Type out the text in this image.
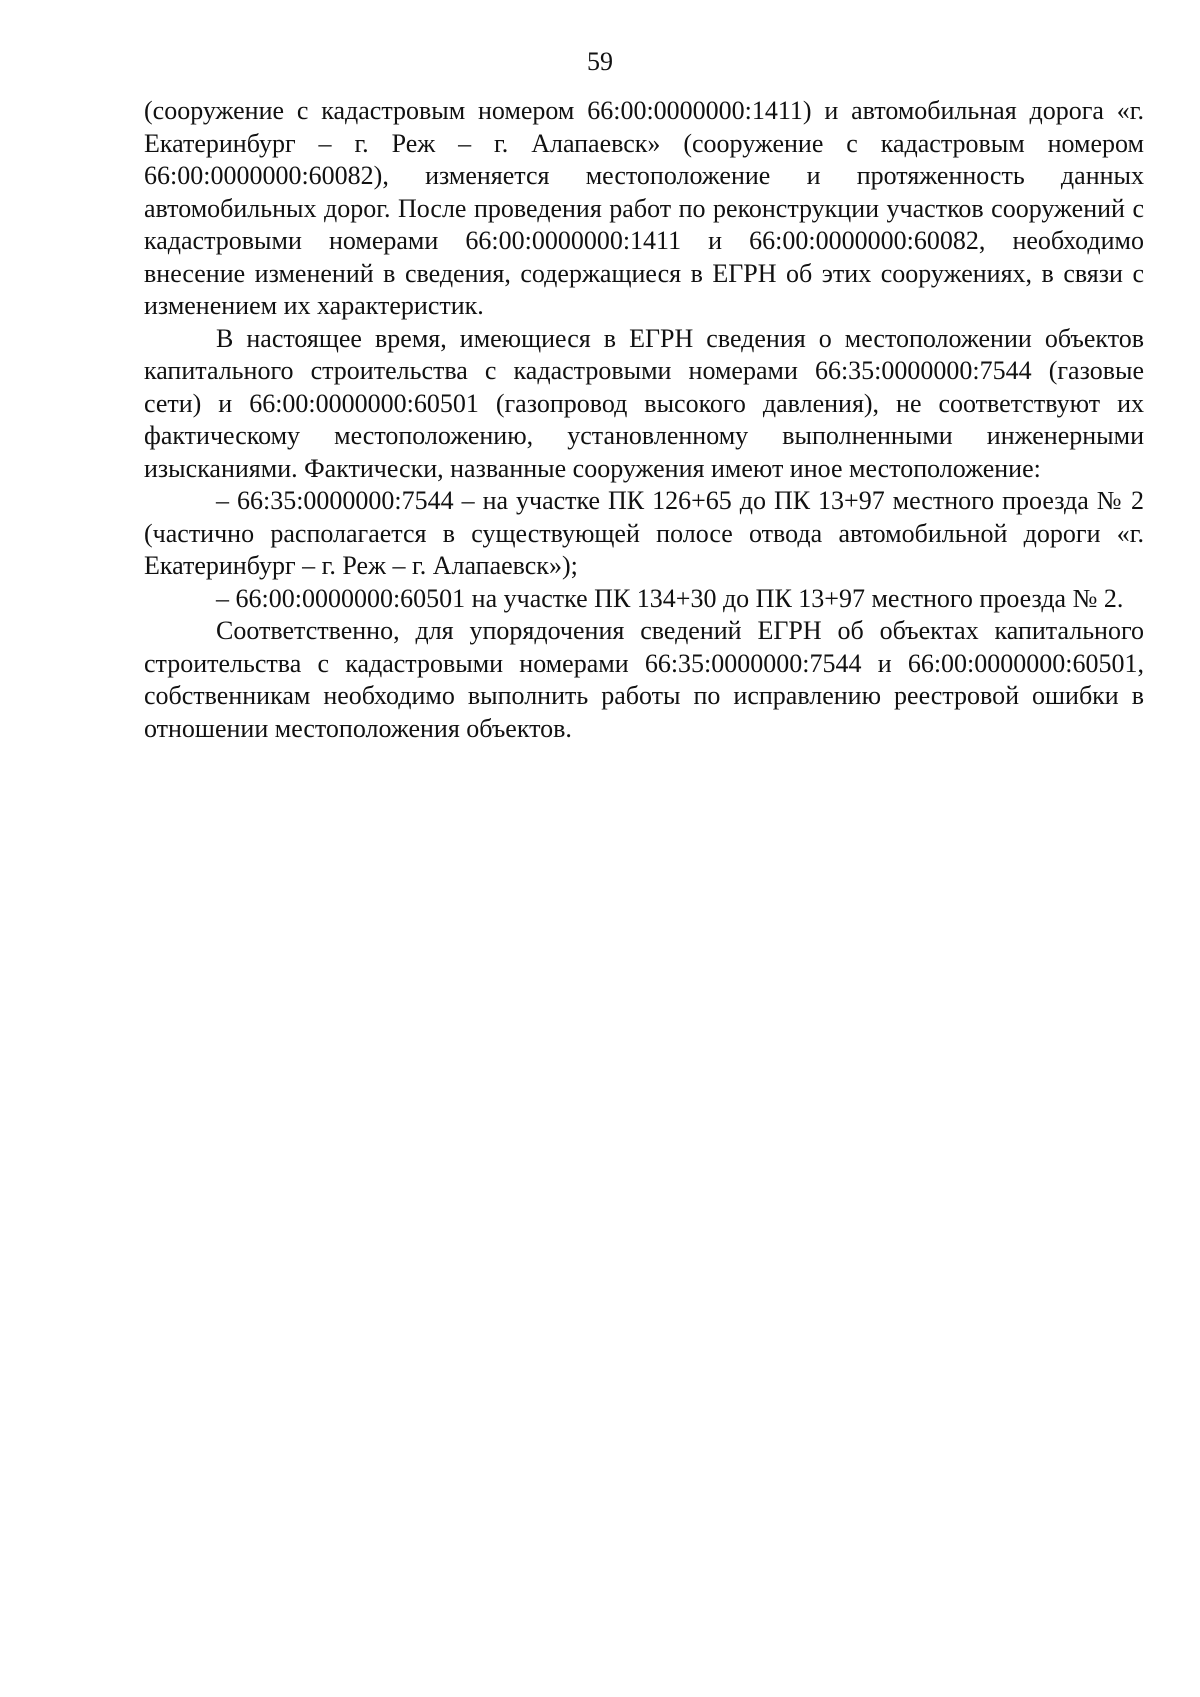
59

(сооружение с кадастровым номером 66:00:0000000:1411) и автомобильная дорога «г. Екатеринбург – г. Реж – г. Алапаевск» (сооружение с кадастровым номером 66:00:0000000:60082), изменяется местоположение и протяженность данных автомобильных дорог. После проведения работ по реконструкции участков сооружений с кадастровыми номерами 66:00:0000000:1411 и 66:00:0000000:60082, необходимо внесение изменений в сведения, содержащиеся в ЕГРН об этих сооружениях, в связи с изменением их характеристик.

В настоящее время, имеющиеся в ЕГРН сведения о местоположении объектов капитального строительства с кадастровыми номерами 66:35:0000000:7544 (газовые сети) и 66:00:0000000:60501 (газопровод высокого давления), не соответствуют их фактическому местоположению, установленному выполненными инженерными изысканиями. Фактически, названные сооружения имеют иное местоположение:

– 66:35:0000000:7544 – на участке ПК 126+65 до ПК 13+97 местного проезда № 2 (частично располагается в существующей полосе отвода автомобильной дороги «г. Екатеринбург – г. Реж – г. Алапаевск»);

– 66:00:0000000:60501 на участке ПК 134+30 до ПК 13+97 местного проезда № 2.

Соответственно, для упорядочения сведений ЕГРН об объектах капитального строительства с кадастровыми номерами 66:35:0000000:7544 и 66:00:0000000:60501, собственникам необходимо выполнить работы по исправлению реестровой ошибки в отношении местоположения объектов.
